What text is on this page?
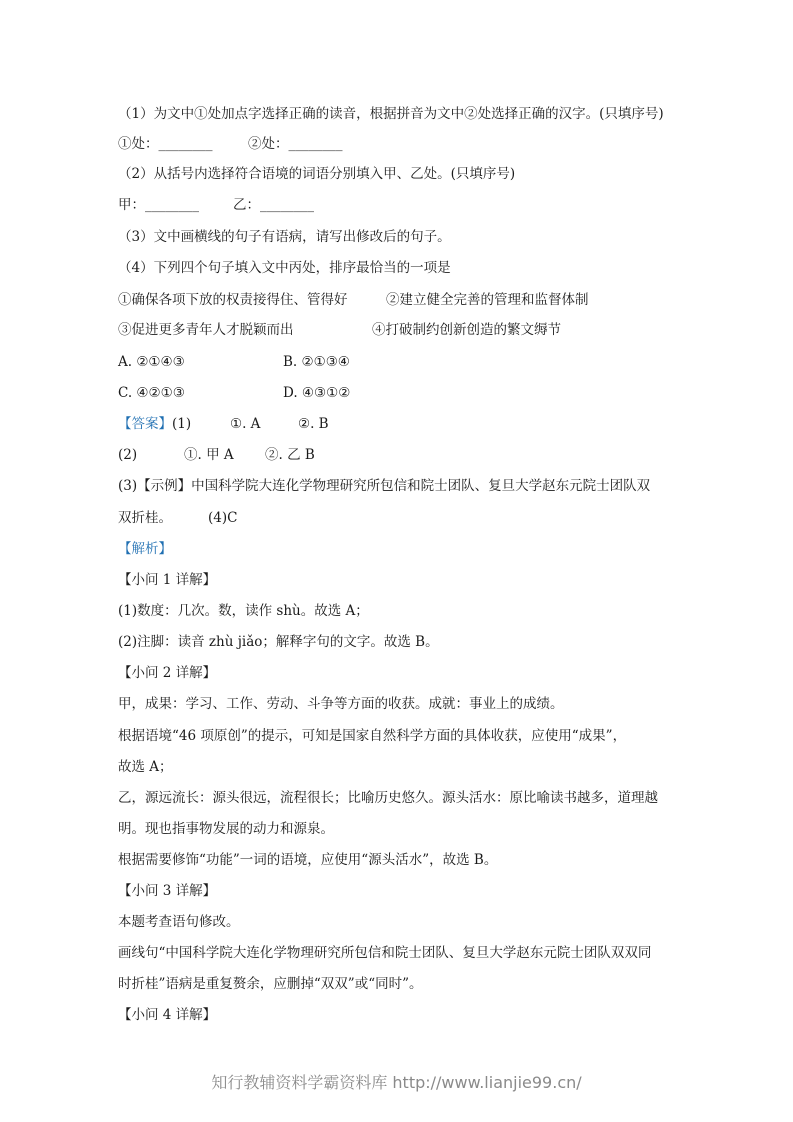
（1）为文中①处加点字选择正确的读音，根据拼音为文中②处选择正确的汉字。(只填序号)
①处：________	②处：________
（2）从括号内选择符合语境的词语分别填入甲、乙处。(只填序号)
甲：________	乙：________
（3）文中画横线的句子有语病，请写出修改后的句子。
（4）下列四个句子填入文中丙处，排序最恰当的一项是
①确保各项下放的权责接得住、管得好	②建立健全完善的管理和监督体制
③促进更多青年人才脱颖而出	④打破制约创新创造的繁文缛节
A. ②①④③	B. ②①③④
C. ④②①③	D. ④③①②
【答案】(1)	①. A	②. B
(2)	①. 甲 A ②. 乙 B
(3)【示例】中国科学院大连化学物理研究所包信和院士团队、复旦大学赵东元院士团队双
双折桂。	(4)C
【解析】
【小问 1 详解】
(1)数度：几次。数，读作 shù。故选 A；
(2)注脚：读音 zhù jiǎo；解释字句的文字。故选 B。
【小问 2 详解】
甲，成果：学习、工作、劳动、斗争等方面的收获。成就：事业上的成绩。
根据语境“46 项原创”的提示，可知是国家自然科学方面的具体收获，应使用“成果”，
故选 A；
乙，源远流长：源头很远，流程很长；比喻历史悠久。源头活水：原比喻读书越多，道理越
明。现也指事物发展的动力和源泉。
根据需要修饰“功能”一词的语境，应使用“源头活水”，故选 B。
【小问 3 详解】
本题考查语句修改。
画线句“中国科学院大连化学物理研究所包信和院士团队、复旦大学赵东元院士团队双双同
时折桂”语病是重复赘余，应删掉“双双”或“同时”。
【小问 4 详解】
知行教辅资料学霸资料库 http://www.lianjie99.cn/
